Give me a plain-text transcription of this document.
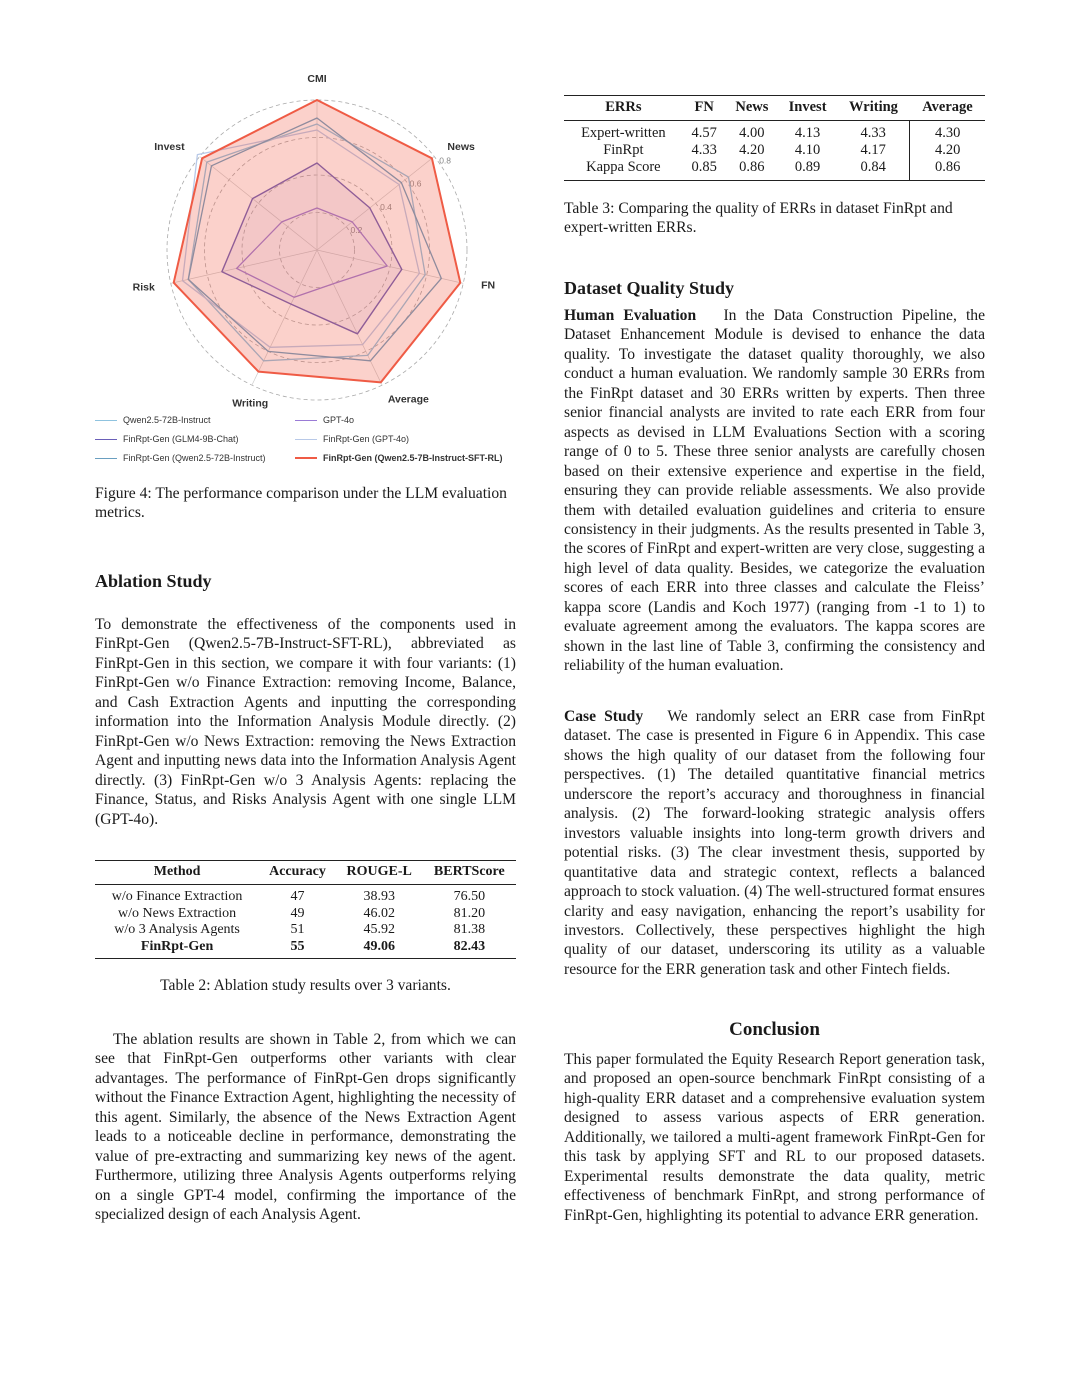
0.8
CMI
News
FN
Average
Writing
Risk
Invest
Qwen2.5-72B-Instruct	GPT-4o
FinRpt-Gen (GLM4-9B-Chat)	FinRpt-Gen (GPT-4o)
FinRpt-Gen (Qwen2.5-72B-Instruct)	FinRpt-Gen (Qwen2.5-7B-Instruct-SFT-RL)

Figure 4: The performance comparison under the LLM evaluation metrics.

Ablation Study

To demonstrate the effectiveness of the components used in FinRpt-Gen (Qwen2.5-7B-Instruct-SFT-RL), abbreviated as FinRpt-Gen in this section, we compare it with four variants: (1) FinRpt-Gen w/o Finance Extraction: removing Income, Balance, and Cash Extraction Agents and inputting the corresponding information into the Information Analysis Module directly. (2) FinRpt-Gen w/o News Extraction: removing the News Extraction Agent and inputting news data into the Information Analysis Agent directly. (3) FinRpt-Gen w/o 3 Analysis Agents: replacing the Finance, Status, and Risks Analysis Agent with one single LLM (GPT-4o).

Method	Accuracy	ROUGE-L	BERTScore
w/o Finance Extraction	47	38.93	76.50
w/o News Extraction	49	46.02	81.20
w/o 3 Analysis Agents	51	45.92	81.38
FinRpt-Gen	55	49.06	82.43

Table 2: Ablation study results over 3 variants.

The ablation results are shown in Table 2, from which we can see that FinRpt-Gen outperforms other variants with clear advantages. The performance of FinRpt-Gen drops significantly without the Finance Extraction Agent, highlighting the necessity of this agent. Similarly, the absence of the News Extraction Agent leads to a noticeable decline in performance, demonstrating the value of pre-extracting and summarizing key news of the agent. Furthermore, utilizing three Analysis Agents outperforms relying on a single GPT-4 model, confirming the importance of the specialized design of each Analysis Agent.

ERRs	FN	News	Invest	Writing	Average
Expert-written	4.57	4.00	4.13	4.33	4.30
FinRpt	4.33	4.20	4.10	4.17	4.20
Kappa Score	0.85	0.86	0.89	0.84	0.86

Table 3: Comparing the quality of ERRs in dataset FinRpt and expert-written ERRs.

Dataset Quality Study

Human Evaluation In the Data Construction Pipeline, the Dataset Enhancement Module is devised to enhance the data quality. To investigate the dataset quality thoroughly, we also conduct a human evaluation. We randomly sample 30 ERRs from the FinRpt dataset and 30 ERRs written by experts. Then three senior financial analysts are invited to rate each ERR from four aspects as devised in LLM Evaluations Section with a scoring range of 0 to 5. These three senior analysts are carefully chosen based on their extensive experience and expertise in the field, ensuring they can provide reliable assessments. We also provide them with detailed evaluation guidelines and criteria to ensure consistency in their judgments. As the results presented in Table 3, the scores of FinRpt and expert-written are very close, suggesting a high level of data quality. Besides, we categorize the evaluation scores of each ERR into three classes and calculate the Fleiss’ kappa score (Landis and Koch 1977) (ranging from -1 to 1) to evaluate agreement among the evaluators. The kappa scores are shown in the last line of Table 3, confirming the consistency and reliability of the human evaluation.

Case Study We randomly select an ERR case from FinRpt dataset. The case is presented in Figure 6 in Appendix. This case shows the high quality of our dataset from the following four perspectives. (1) The detailed quantitative financial metrics underscore the report’s accuracy and thoroughness in financial analysis. (2) The forward-looking strategic analysis offers investors valuable insights into long-term growth drivers and potential risks. (3) The clear investment thesis, supported by quantitative data and strategic context, reflects a balanced approach to stock valuation. (4) The well-structured format ensures clarity and easy navigation, enhancing the report’s usability for investors. Collectively, these perspectives highlight the high quality of our dataset, underscoring its utility as a valuable resource for the ERR generation task and other Fintech fields.

Conclusion

This paper formulated the Equity Research Report generation task, and proposed an open-source benchmark FinRpt consisting of a high-quality ERR dataset and a comprehensive evaluation system designed to assess various aspects of ERR generation. Additionally, we tailored a multi-agent framework FinRpt-Gen for this task by applying SFT and RL to our proposed datasets. Experimental results demonstrate the data quality, metric effectiveness of benchmark FinRpt, and strong performance of FinRpt-Gen, highlighting its potential to advance ERR generation.
